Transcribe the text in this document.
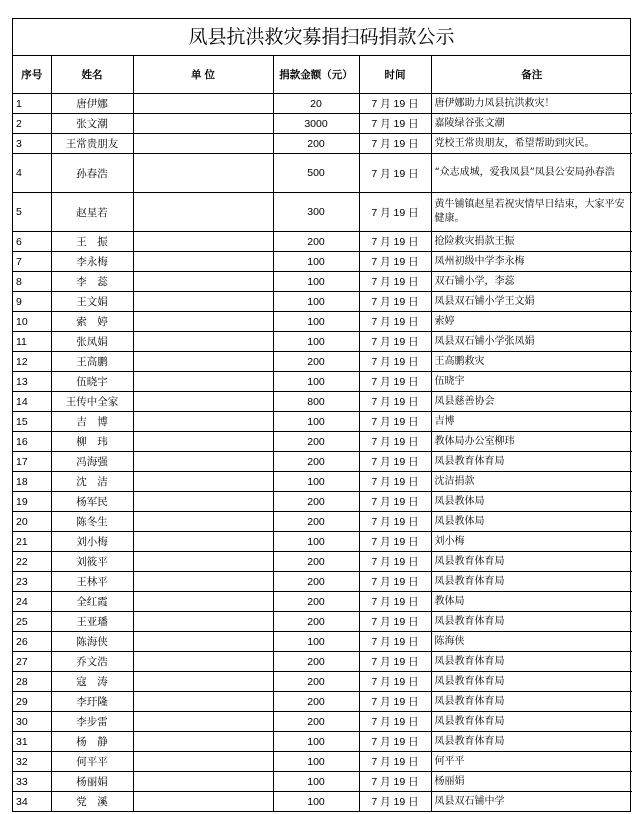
凤县抗洪救灾募捐扫码捐款公示
序号	姓名	单 位	捐款金额（元）	时间	备注
1	唐伊娜		20	7 月 19 日	唐伊娜助力凤县抗洪救灾！
2	张文潮		3000	7 月 19 日	嘉陵绿谷张文潮
3	王常贵朋友		200	7 月 19 日	党校王常贵朋友，希望帮助到灾民。
4	孙春浩		500	7 月 19 日	“众志成城，爱我凤县”凤县公安局孙春浩
5	赵星若		300	7 月 19 日	黄牛铺镇赵星若祝灾情早日结束，大家平安健康。
6	王　振		200	7 月 19 日	抢险救灾捐款王振
7	李永梅		100	7 月 19 日	凤州初级中学李永梅
8	李　蕊		100	7 月 19 日	双石铺小学，李蕊
9	王文娟		100	7 月 19 日	凤县双石铺小学王文娟
10	索　婷		100	7 月 19 日	索婷
11	张凤娟		100	7 月 19 日	凤县双石铺小学张凤娟
12	王高鹏		200	7 月 19 日	王高鹏救灾
13	伍晓宇		100	7 月 19 日	伍晓宇
14	王传中全家		800	7 月 19 日	凤县慈善协会
15	吉　博		100	7 月 19 日	吉博
16	柳　玮		200	7 月 19 日	教体局办公室柳玮
17	冯海强		200	7 月 19 日	凤县教育体育局
18	沈　洁		100	7 月 19 日	沈洁捐款
19	杨军民		200	7 月 19 日	凤县教体局
20	陈冬生		200	7 月 19 日	凤县教体局
21	刘小梅		100	7 月 19 日	刘小梅
22	刘筱平		200	7 月 19 日	凤县教育体育局
23	王林平		200	7 月 19 日	凤县教育体育局
24	全红霞		200	7 月 19 日	教体局
25	王亚璠		200	7 月 19 日	凤县教育体育局
26	陈海侠		100	7 月 19 日	陈海侠
27	乔文浩		200	7 月 19 日	凤县教育体育局
28	寇　涛		200	7 月 19 日	凤县教育体育局
29	李玗隆		200	7 月 19 日	凤县教育体育局
30	李步雷		200	7 月 19 日	凤县教育体育局
31	杨　静		100	7 月 19 日	凤县教育体育局
32	何平平		100	7 月 19 日	何平平
33	杨丽娟		100	7 月 19 日	杨丽娟
34	党　溪		100	7 月 19 日	凤县双石铺中学
